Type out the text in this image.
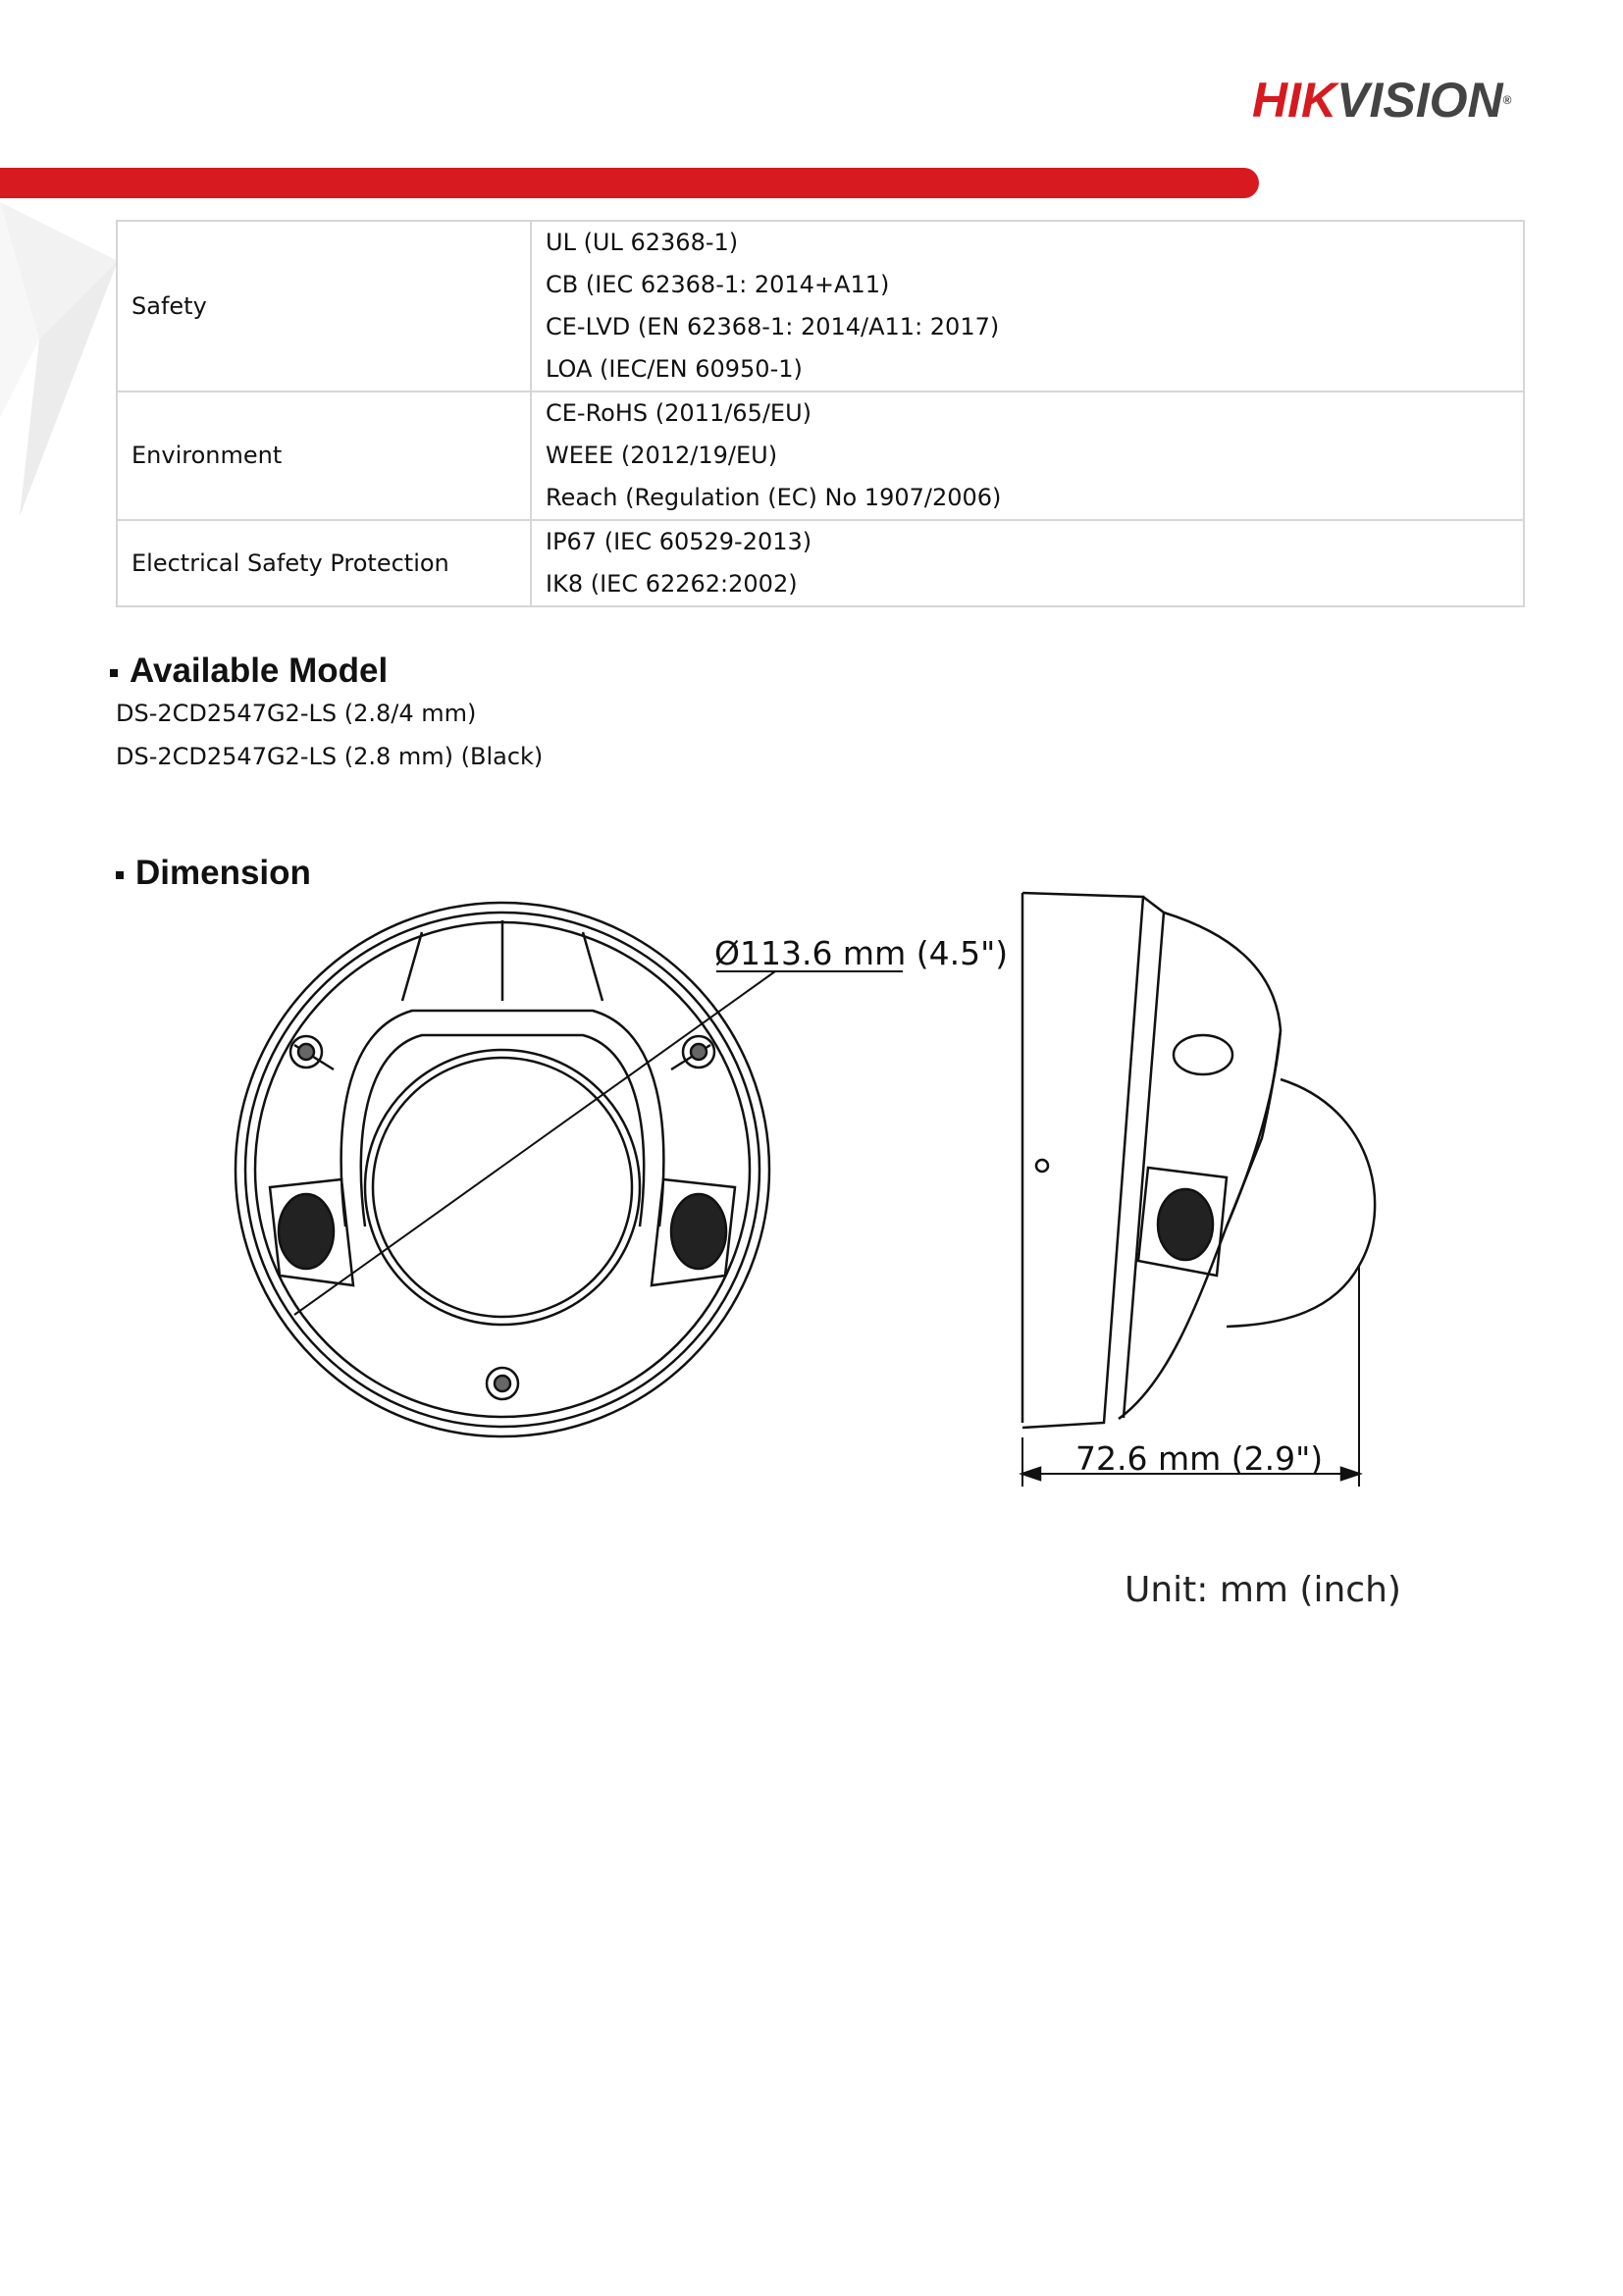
HIKVISION®
Safety	UL (UL 62368-1)
CB (IEC 62368-1: 2014+A11)
CE-LVD (EN 62368-1: 2014/A11: 2017)
LOA (IEC/EN 60950-1)

Environment	CE-RoHS (2011/65/EU)
WEEE (2012/19/EU)
Reach (Regulation (EC) No 1907/2006)

Electrical Safety Protection	IP67 (IEC 60529-2013)
IK8 (IEC 62262:2002)
Available Model
DS-2CD2547G2-LS (2.8/4 mm)
DS-2CD2547G2-LS (2.8 mm) (Black)
Dimension
Ø113.6 mm (4.5")
72.6 mm (2.9")
Unit: mm (inch)
